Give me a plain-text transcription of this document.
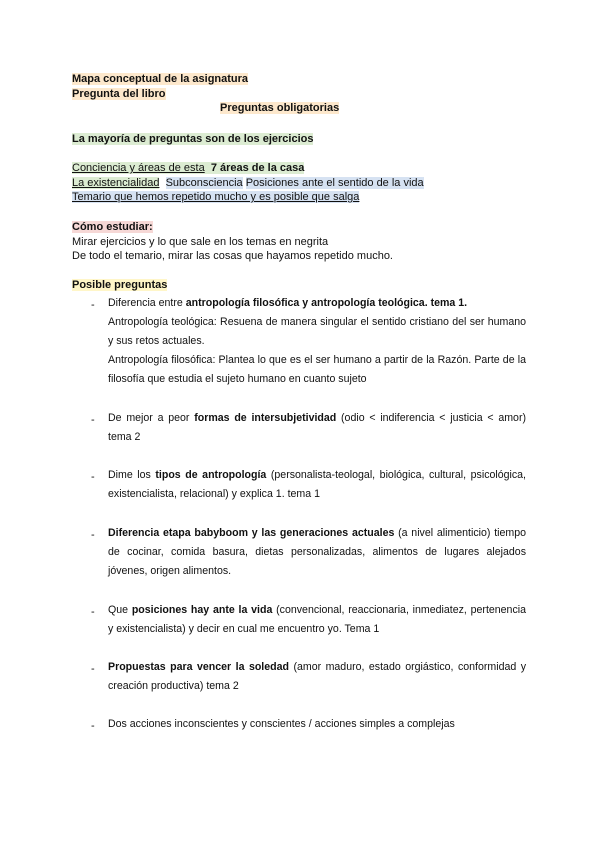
Mapa conceptual de la asignatura
Pregunta del libro
Preguntas obligatorias
La mayoría de preguntas son de los ejercicios
Conciencia y áreas de esta 7 áreas de la casa
La existencialidad Subconsciencia Posiciones ante el sentido de la vida
Temario que hemos repetido mucho y es posible que salga
Cómo estudiar:
Mirar ejercicios y lo que sale en los temas en negrita
De todo el temario, mirar las cosas que hayamos repetido mucho.
Posible preguntas
- Diferencia entre antropología filosófica y antropología teológica. tema 1.

Antropología teológica: Resuena de manera singular el sentido cristiano del ser humano y sus retos actuales.

Antropología filosófica: Plantea lo que es el ser humano a partir de la Razón. Parte de la filosofía que estudia el sujeto humano en cuanto sujeto

- De mejor a peor formas de intersubjetividad (odio < indiferencia < justicia < amor) tema 2

- Dime los tipos de antropología (personalista-teologal, biológica, cultural, psicológica, existencialista, relacional) y explica 1. tema 1

- Diferencia etapa babyboom y las generaciones actuales (a nivel alimenticio) tiempo de cocinar, comida basura, dietas personalizadas, alimentos de lugares alejados jóvenes, origen alimentos.

- Que posiciones hay ante la vida (convencional, reaccionaria, inmediatez, pertenencia y existencialista) y decir en cual me encuentro yo. Tema 1

- Propuestas para vencer la soledad (amor maduro, estado orgiástico, conformidad y creación productiva) tema 2

- Dos acciones inconscientes y conscientes / acciones simples a complejas
